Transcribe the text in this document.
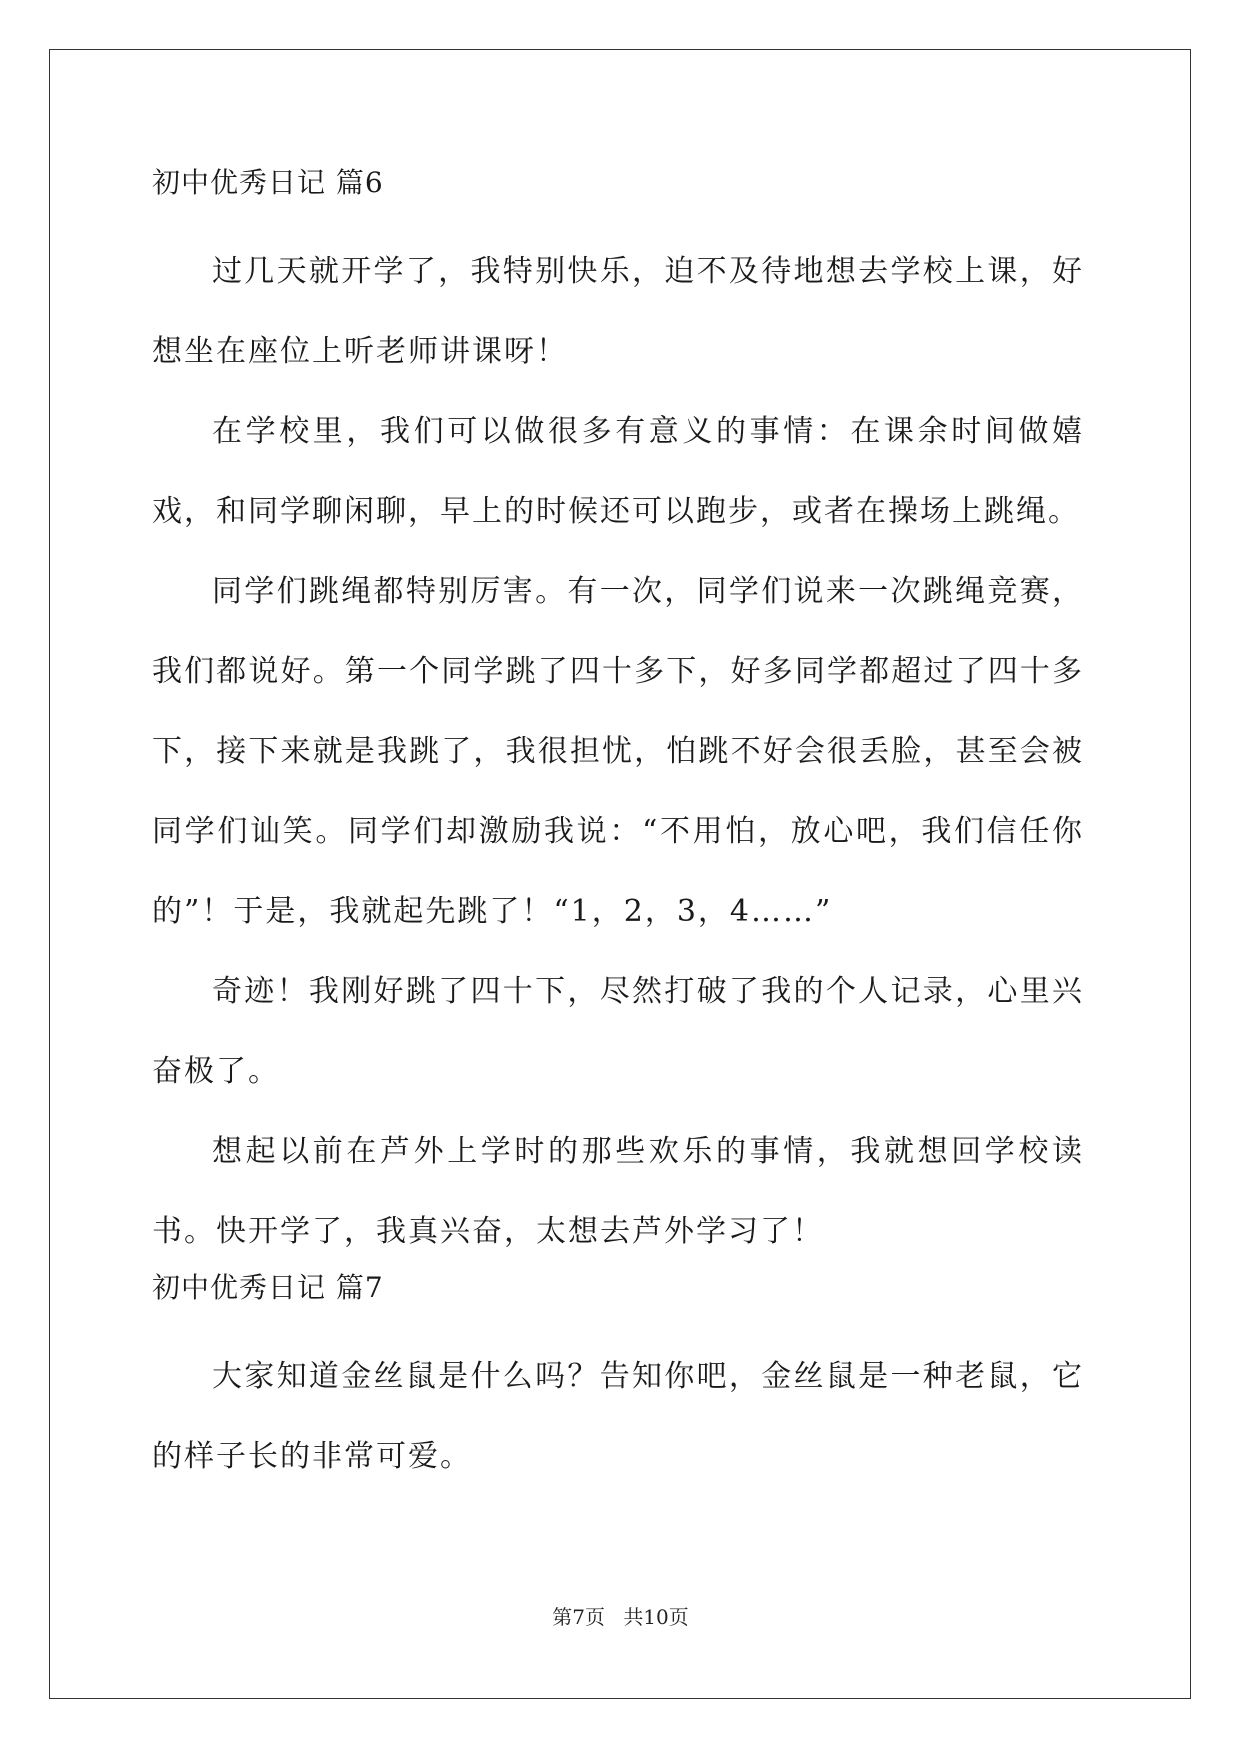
初中优秀日记 篇6

过几天就开学了，我特别快乐，迫不及待地想去学校上课，好想坐在座位上听老师讲课呀！

在学校里，我们可以做很多有意义的事情：在课余时间做嬉戏，和同学聊闲聊，早上的时候还可以跑步，或者在操场上跳绳。

同学们跳绳都特别厉害。有一次，同学们说来一次跳绳竞赛，我们都说好。第一个同学跳了四十多下，好多同学都超过了四十多下，接下来就是我跳了，我很担忧，怕跳不好会很丢脸，甚至会被同学们讪笑。同学们却激励我说：“不用怕，放心吧，我们信任你的”！于是，我就起先跳了！“1，2，3，4……”

奇迹！我刚好跳了四十下，尽然打破了我的个人记录，心里兴奋极了。

想起以前在芦外上学时的那些欢乐的事情，我就想回学校读书。快开学了，我真兴奋，太想去芦外学习了！

初中优秀日记 篇7

大家知道金丝鼠是什么吗？告知你吧，金丝鼠是一种老鼠，它的样子长的非常可爱。

第7页 共10页
